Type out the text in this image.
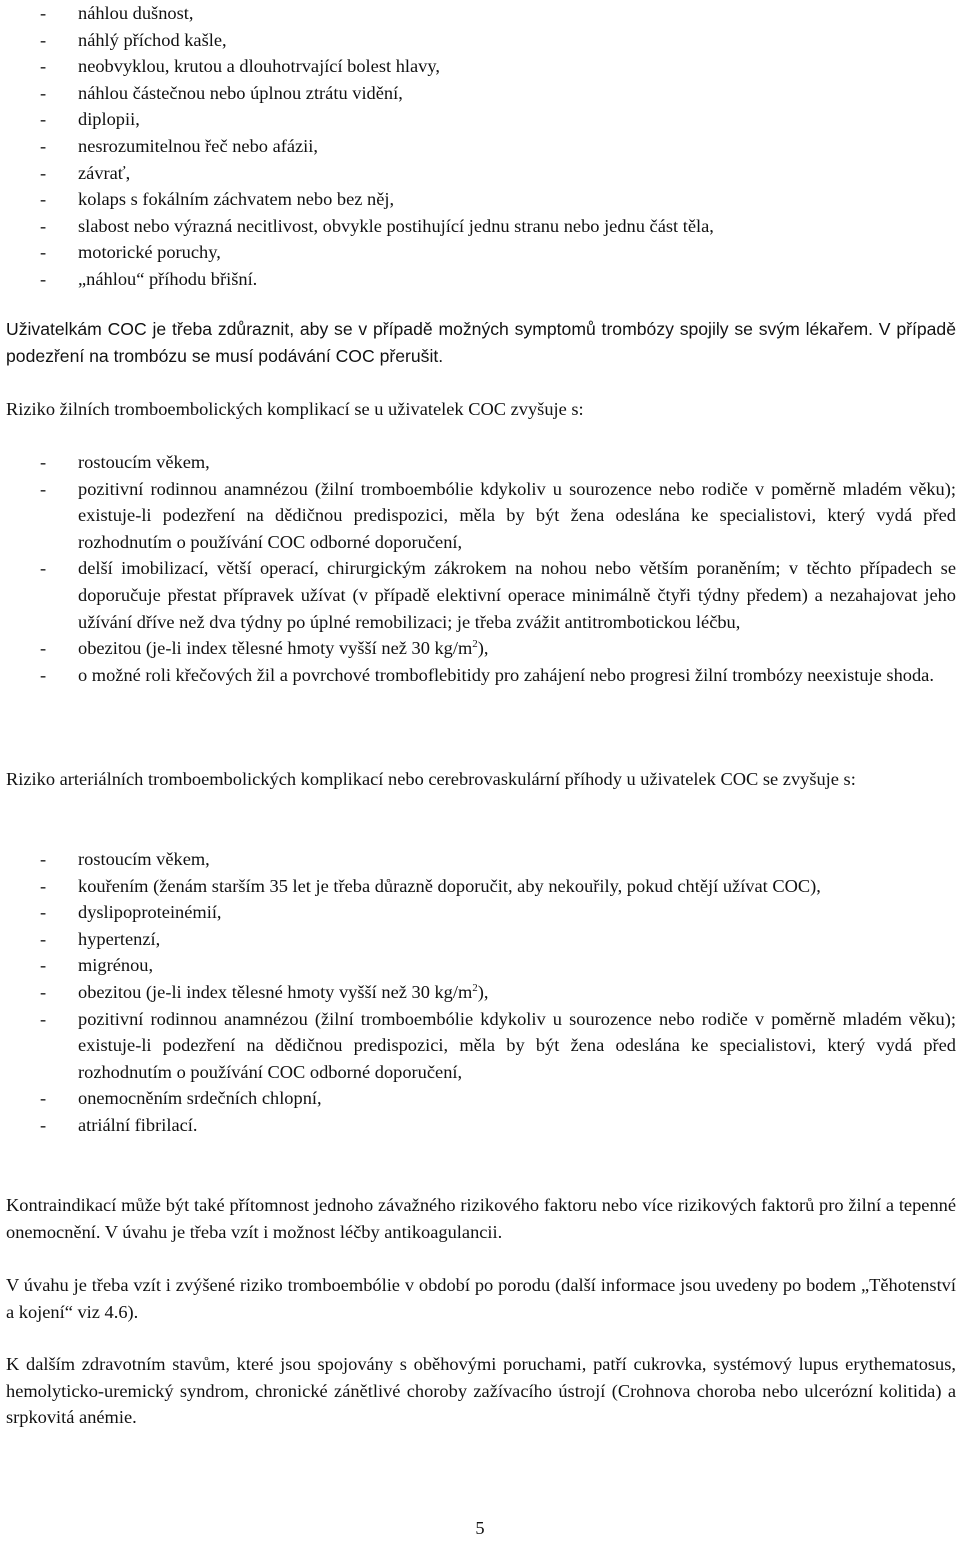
- náhlou dušnost,
- náhlý příchod kašle,
- neobvyklou, krutou a dlouhotrvající bolest hlavy,
- náhlou částečnou nebo úplnou ztrátu vidění,
- diplopii,
- nesrozumitelnou řeč nebo afázii,
- závrať,
- kolaps s fokálním záchvatem nebo bez něj,
- slabost nebo výrazná necitlivost, obvykle postihující jednu stranu nebo jednu část těla,
- motorické poruchy,
- „náhlou“ příhodu břišní.

Uživatelkám COC je třeba zdůraznit, aby se v případě možných symptomů trombózy spojily se svým lékařem. V případě podezření na trombózu se musí podávání COC přerušit.

Riziko žilních tromboembolických komplikací se u uživatelek COC zvyšuje s:

- rostoucím věkem,
- pozitivní rodinnou anamnézou (žilní tromboembólie kdykoliv u sourozence nebo rodiče v poměrně mladém věku); existuje-li podezření na dědičnou predispozici, měla by být žena odeslána ke specialistovi, který vydá před rozhodnutím o používání COC odborné doporučení,
- delší imobilizací, větší operací, chirurgickým zákrokem na nohou nebo větším poraněním; v těchto případech se doporučuje přestat přípravek užívat (v případě elektivní operace minimálně čtyři týdny předem) a nezahajovat jeho užívání dříve než dva týdny po úplné remobilizaci; je třeba zvážit antitrombotickou léčbu,
- obezitou (je-li index tělesné hmoty vyšší než 30 $kg/m^2$),
- o možné roli křečových žil a povrchové tromboflebitidy pro zahájení nebo progresi žilní trombózy neexistuje shoda.

Riziko arteriálních tromboembolických komplikací nebo cerebrovaskulární příhody u uživatelek COC se zvyšuje s:

- rostoucím věkem,
- kouřením (ženám starším 35 let je třeba důrazně doporučit, aby nekouřily, pokud chtějí užívat COC),
- dyslipoproteinémií,
- hypertenzí,
- migrénou,
- obezitou (je-li index tělesné hmoty vyšší než 30 $kg/m^2$),
- pozitivní rodinnou anamnézou (žilní tromboembólie kdykoliv u sourozence nebo rodiče v poměrně mladém věku); existuje-li podezření na dědičnou predispozici, měla by být žena odeslána ke specialistovi, který vydá před rozhodnutím o používání COC odborné doporučení,
- onemocněním srdečních chlopní,
- atriální fibrilací.

Kontraindikací může být také přítomnost jednoho závažného rizikového faktoru nebo více rizikových faktorů pro žilní a tepenné onemocnění. V úvahu je třeba vzít i možnost léčby antikoagulancii.

V úvahu je třeba vzít i zvýšené riziko tromboembólie v období po porodu (další informace jsou uvedeny po bodem „Těhotenství a kojení“ viz 4.6).

K dalším zdravotním stavům, které jsou spojovány s oběhovými poruchami, patří cukrovka, systémový lupus erythematosus, hemolyticko-uremický syndrom, chronické zánětlivé choroby zažívacího ústrojí (Crohnova choroba nebo ulcerózní kolitida) a srpkovitá anémie.

5
